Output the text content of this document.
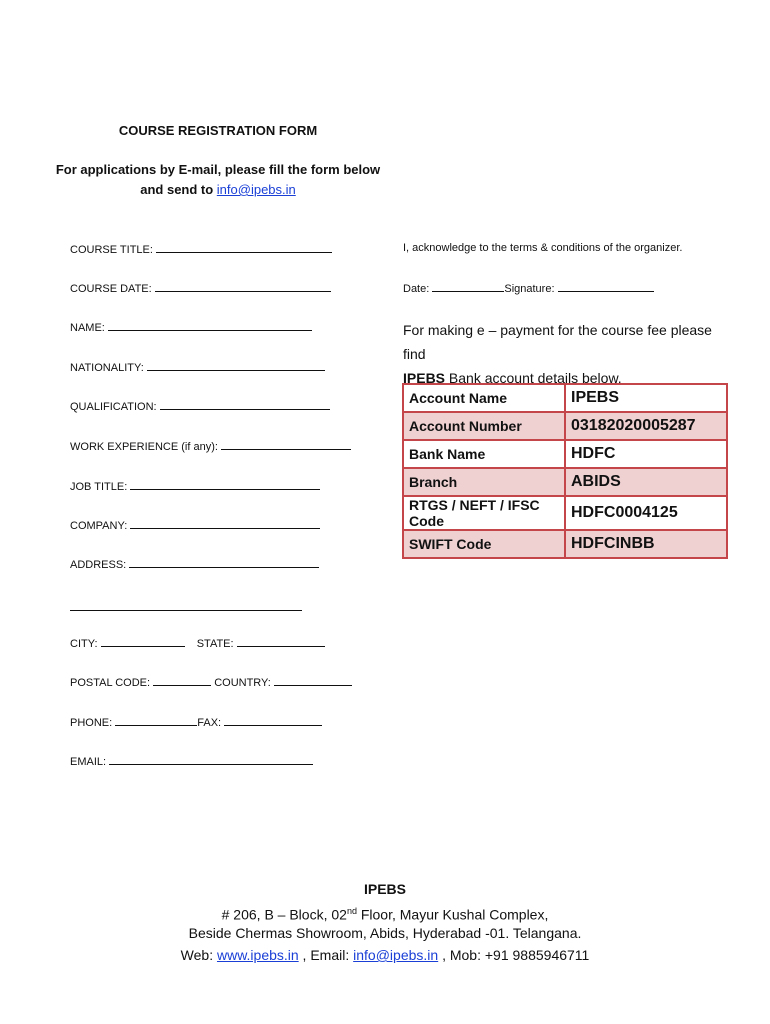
COURSE REGISTRATION FORM
For applications by E-mail, please fill the form below
and send to info@ipebs.in
COURSE TITLE:
COURSE DATE:
NAME:
NATIONALITY:
QUALIFICATION:
WORK EXPERIENCE (if any):
JOB TITLE:
COMPANY:
ADDRESS:
CITY:	STATE:
POSTAL CODE:	COUNTRY:
PHONE:	FAX:
EMAIL:
I, acknowledge to the terms & conditions of the organizer.
Date:	Signature:
For making e – payment for the course fee please find
IPEBS Bank account details below.
Account Name	IPEBS
Account Number	03182020005287
Bank Name	HDFC
Branch	ABIDS
RTGS / NEFT / IFSC Code	HDFC0004125
SWIFT Code	HDFCINBB
IPEBS
# 206, B – Block, 02nd Floor, Mayur Kushal Complex,
Beside Chermas Showroom, Abids, Hyderabad -01. Telangana.
Web: www.ipebs.in , Email: info@ipebs.in , Mob: +91 9885946711
